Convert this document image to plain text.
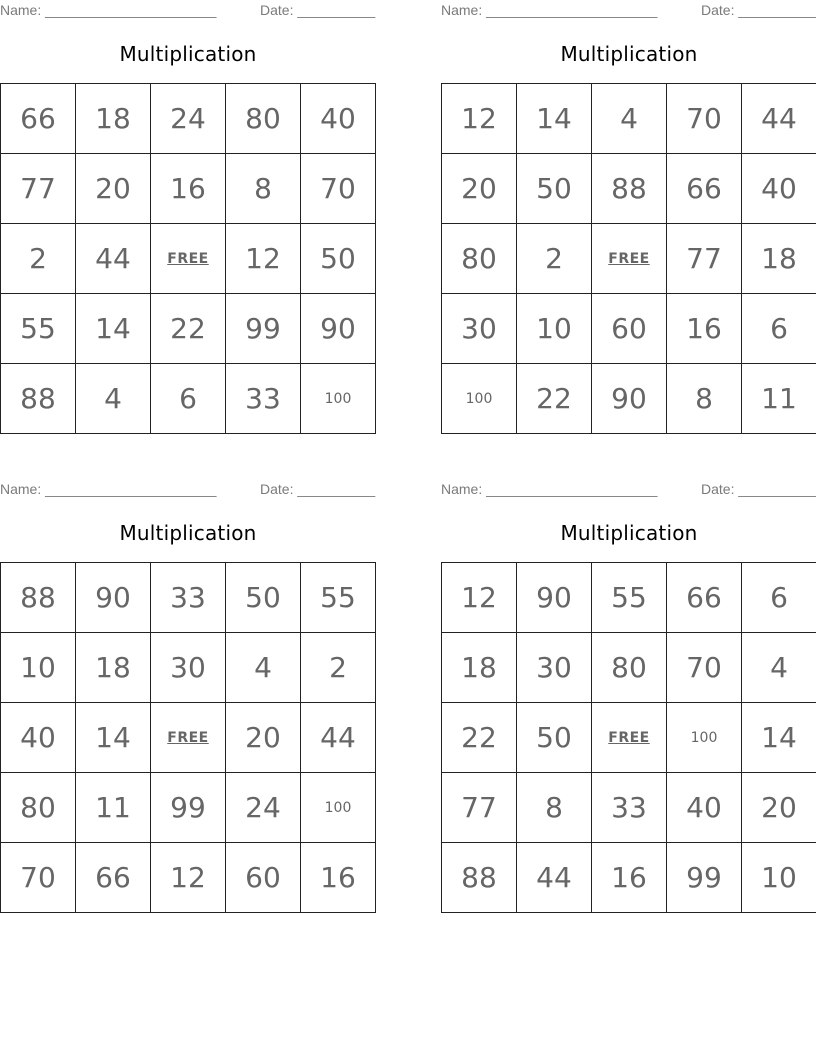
Name: ______________________	Date: __________
Multiplication
66	18	24	80	40
77	20	16	8	70
2	44	FREE	12	50
55	14	22	99	90
88	4	6	33	100
Name: ______________________	Date: __________
Multiplication
12	14	4	70	44
20	50	88	66	40
80	2	FREE	77	18
30	10	60	16	6
100	22	90	8	11
Name: ______________________	Date: __________
Multiplication
88	90	33	50	55
10	18	30	4	2
40	14	FREE	20	44
80	11	99	24	100
70	66	12	60	16
Name: ______________________	Date: __________
Multiplication
12	90	55	66	6
18	30	80	70	4
22	50	FREE	100	14
77	8	33	40	20
88	44	16	99	10
